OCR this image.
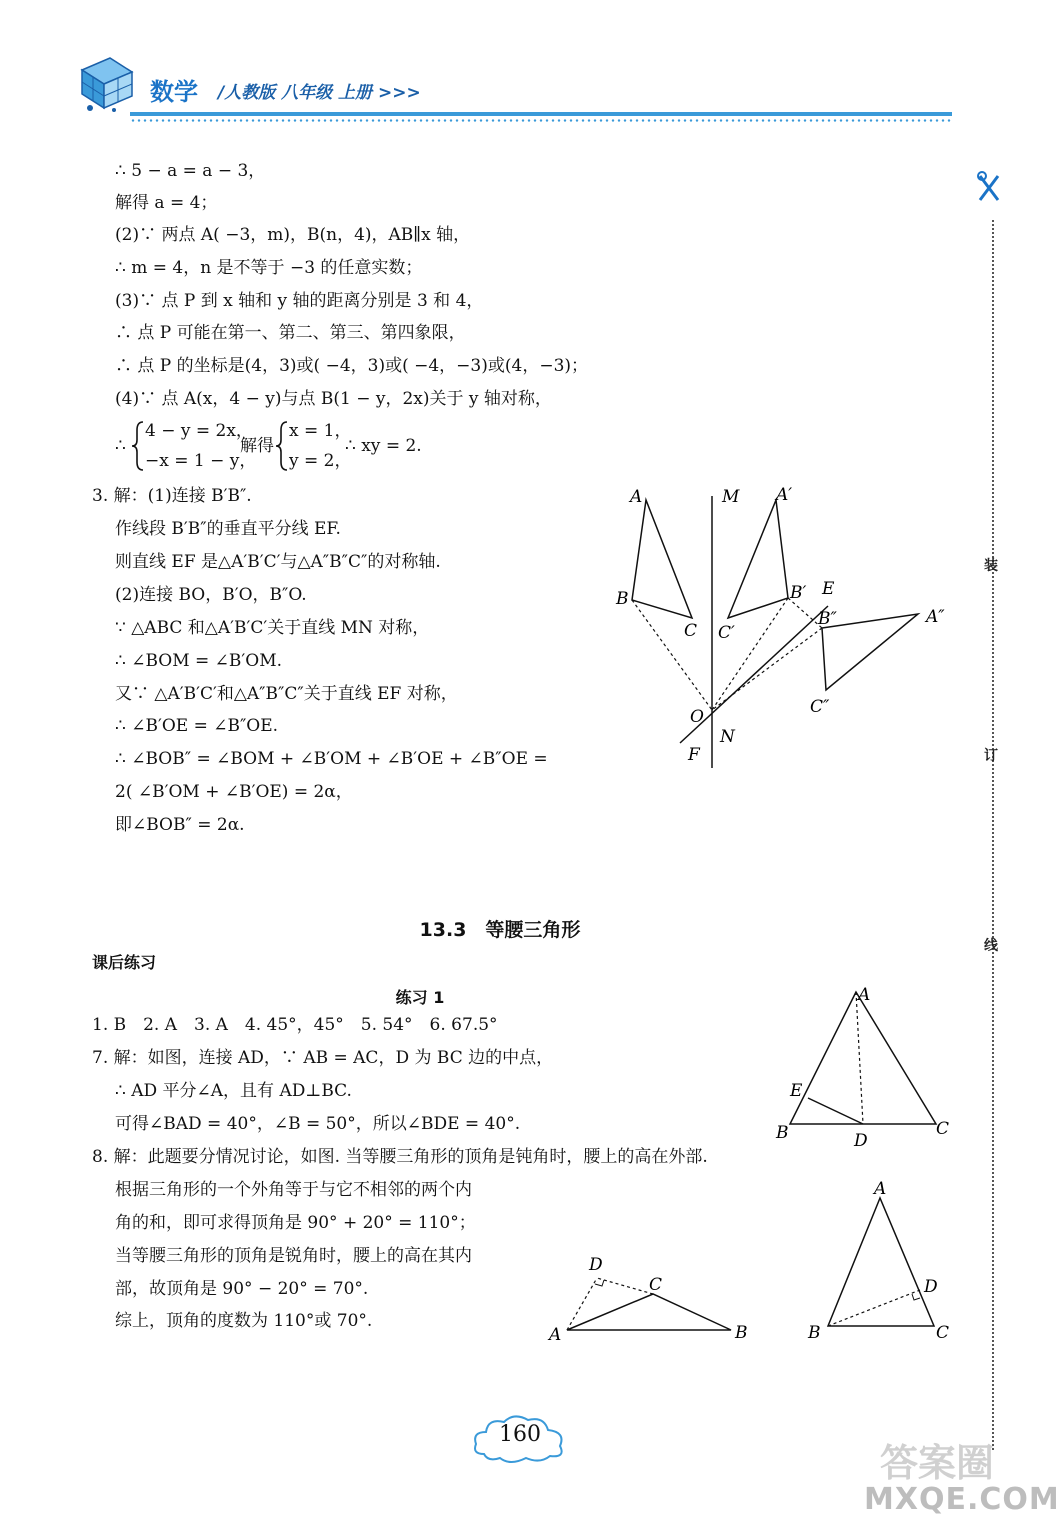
数学 /人教版 八年级 上册 >>>
装
订
线
∴ 5 − a = a − 3，
解得 a = 4；
(2)∵ 两点 A( −3，m)，B(n，4)，AB∥x 轴，
∴ m = 4，n 是不等于 −3 的任意实数；
(3)∵ 点 P 到 x 轴和 y 轴的距离分别是 3 和 4，
∴ 点 P 可能在第一、第二、第三、第四象限，
∴ 点 P 的坐标是(4，3)或( −4，3)或( −4，−3)或(4，−3)；
(4)∵ 点 A(x，4 − y)与点 B(1 − y，2x)关于 y 轴对称，
∴
4 − y = 2x，
−x = 1 − y，
解得
x = 1，
y = 2，
∴ xy = 2.
3. 解：(1)连接 B′B″.
作线段 B′B″的垂直平分线 EF.
则直线 EF 是△A′B′C′与△A″B″C″的对称轴.
(2)连接 BO，B′O，B″O.
∵ △ABC 和△A′B′C′关于直线 MN 对称，
∴ ∠BOM = ∠B′OM.
又∵ △A′B′C′和△A″B″C″关于直线 EF 对称，
∴ ∠B′OE = ∠B″OE.
∴ ∠BOB″ = ∠BOM + ∠B′OM + ∠B′OE + ∠B″OE =
2( ∠B′OM + ∠B′OE) = 2α，
即∠BOB″ = 2α.
A	M A′
B
C C′
B′ E
B″	A″
C″
O
N
F
13.3　等腰三角形
课后练习
练习 1
1. B　2. A　3. A　4. 45°，45°　5. 54°　6. 67.5°
7. 解：如图，连接 AD，∵ AB = AC，D 为 BC 边的中点，
∴ AD 平分∠A，且有 AD⊥BC.
可得∠BAD = 40°，∠B = 50°，所以∠BDE = 40°.
8. 解：此题要分情况讨论，如图. 当等腰三角形的顶角是钝角时，腰上的高在外部.
根据三角形的一个外角等于与它不相邻的两个内
角的和，即可求得顶角是 90° + 20° = 110°；
当等腰三角形的顶角是锐角时，腰上的高在其内
部，故顶角是 90° − 20° = 70°.
综上，顶角的度数为 110°或 70°.
A
E
B	D
C
D
C
A	B
A
D
B	C
160
答案圈
MXQE.COM
